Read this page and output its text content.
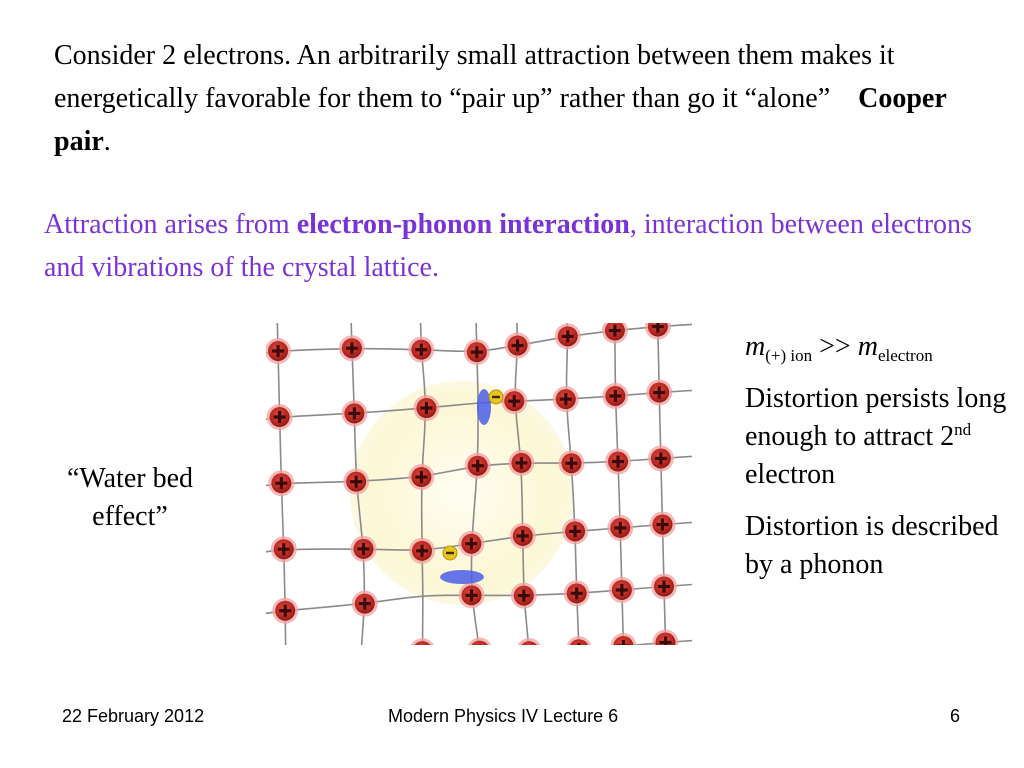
Consider 2 electrons. An arbitrarily small attraction between them makes it energetically favorable for them to “pair up” rather than go it “alone” Cooper pair.

Attraction arises from electron-phonon interaction, interaction between electrons and vibrations of the crystal lattice.

“Water bed effect”

$m_{(+) ion} >> m_{electron}$

Distortion persists long enough to attract 2nd electron

Distortion is described by a phonon

22 February 2012	Modern Physics IV Lecture 6	6
